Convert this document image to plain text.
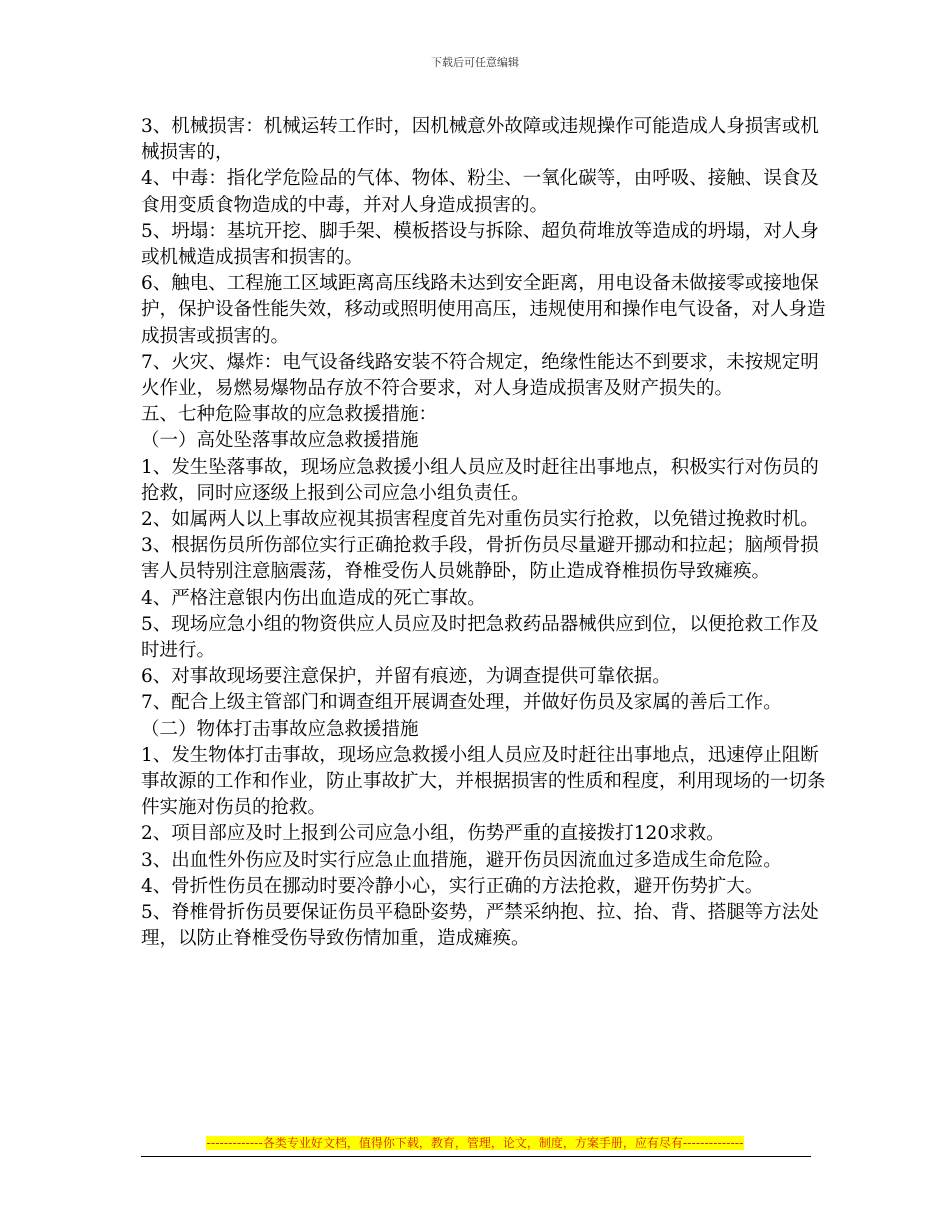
下载后可任意编辑

3、机械损害：机械运转工作时，因机械意外故障或违规操作可能造成人身损害或机械损害的，

4、中毒：指化学危险品的气体、物体、粉尘、一氧化碳等，由呼吸、接触、误食及食用变质食物造成的中毒，并对人身造成损害的。

5、坍塌：基坑开挖、脚手架、模板搭设与拆除、超负荷堆放等造成的坍塌，对人身或机械造成损害和损害的。

6、触电、工程施工区域距离高压线路未达到安全距离，用电设备未做接零或接地保护，保护设备性能失效，移动或照明使用高压，违规使用和操作电气设备，对人身造成损害或损害的。

7、火灾、爆炸：电气设备线路安装不符合规定，绝缘性能达不到要求，未按规定明火作业，易燃易爆物品存放不符合要求，对人身造成损害及财产损失的。

五、七种危险事故的应急救援措施：

（一）高处坠落事故应急救援措施

1、发生坠落事故，现场应急救援小组人员应及时赶往出事地点，积极实行对伤员的抢救，同时应逐级上报到公司应急小组负责任。

2、如属两人以上事故应视其损害程度首先对重伤员实行抢救，以免错过挽救时机。

3、根据伤员所伤部位实行正确抢救手段，骨折伤员尽量避开挪动和拉起；脑颅骨损害人员特别注意脑震荡，脊椎受伤人员姚静卧，防止造成脊椎损伤导致瘫痪。

4、严格注意银内伤出血造成的死亡事故。

5、现场应急小组的物资供应人员应及时把急救药品器械供应到位，以便抢救工作及时进行。

6、对事故现场要注意保护，并留有痕迹，为调查提供可靠依据。

7、配合上级主管部门和调查组开展调查处理，并做好伤员及家属的善后工作。

（二）物体打击事故应急救援措施

1、发生物体打击事故，现场应急救援小组人员应及时赶往出事地点，迅速停止阻断事故源的工作和作业，防止事故扩大，并根据损害的性质和程度，利用现场的一切条件实施对伤员的抢救。

2、项目部应及时上报到公司应急小组，伤势严重的直接拨打120求救。

3、出血性外伤应及时实行应急止血措施，避开伤员因流血过多造成生命危险。

4、骨折性伤员在挪动时要冷静小心，实行正确的方法抢救，避开伤势扩大。

5、脊椎骨折伤员要保证伤员平稳卧姿势，严禁采纳抱、拉、抬、背、搭腿等方法处理，以防止脊椎受伤导致伤情加重，造成瘫痪。

-------------各类专业好文档，值得你下载，教育，管理，论文，制度，方案手册，应有尽有--------------
